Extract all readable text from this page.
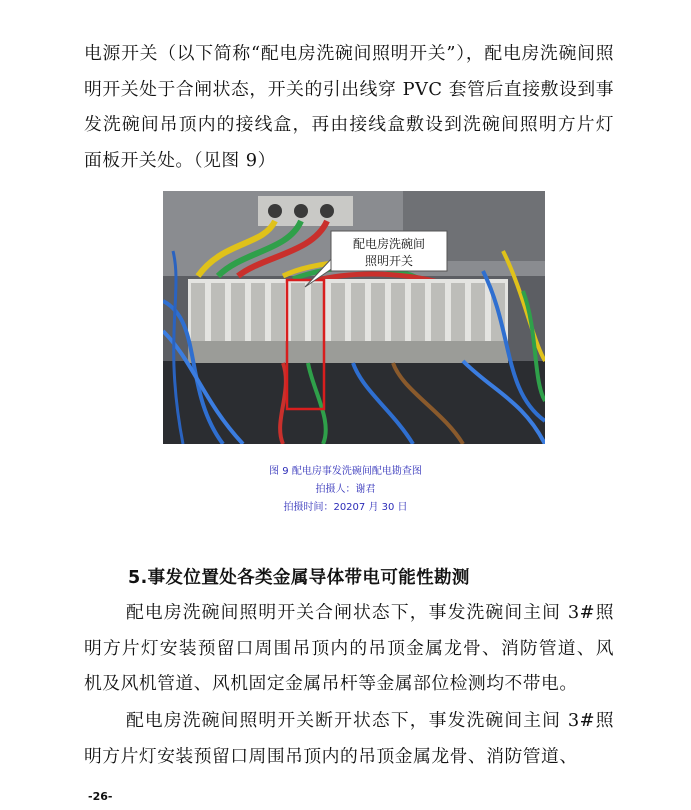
电源开关（以下简称“配电房洗碗间照明开关”），配电房洗碗间照明开关处于合闸状态，开关的引出线穿 PVC 套管后直接敷设到事发洗碗间吊顶内的接线盒，再由接线盒敷设到洗碗间照明方片灯面板开关处。（见图 9）

配电房洗碗间
照明开关

图 9 配电房事发洗碗间配电勘查图

拍摄人：谢君

拍摄时间：20207 月 30 日

5.事发位置处各类金属导体带电可能性勘测

配电房洗碗间照明开关合闸状态下，事发洗碗间主间 3#照明方片灯安装预留口周围吊顶内的吊顶金属龙骨、消防管道、风机及风机管道、风机固定金属吊杆等金属部位检测均不带电。

配电房洗碗间照明开关断开状态下，事发洗碗间主间 3#照明方片灯安装预留口周围吊顶内的吊顶金属龙骨、消防管道、

-26-
